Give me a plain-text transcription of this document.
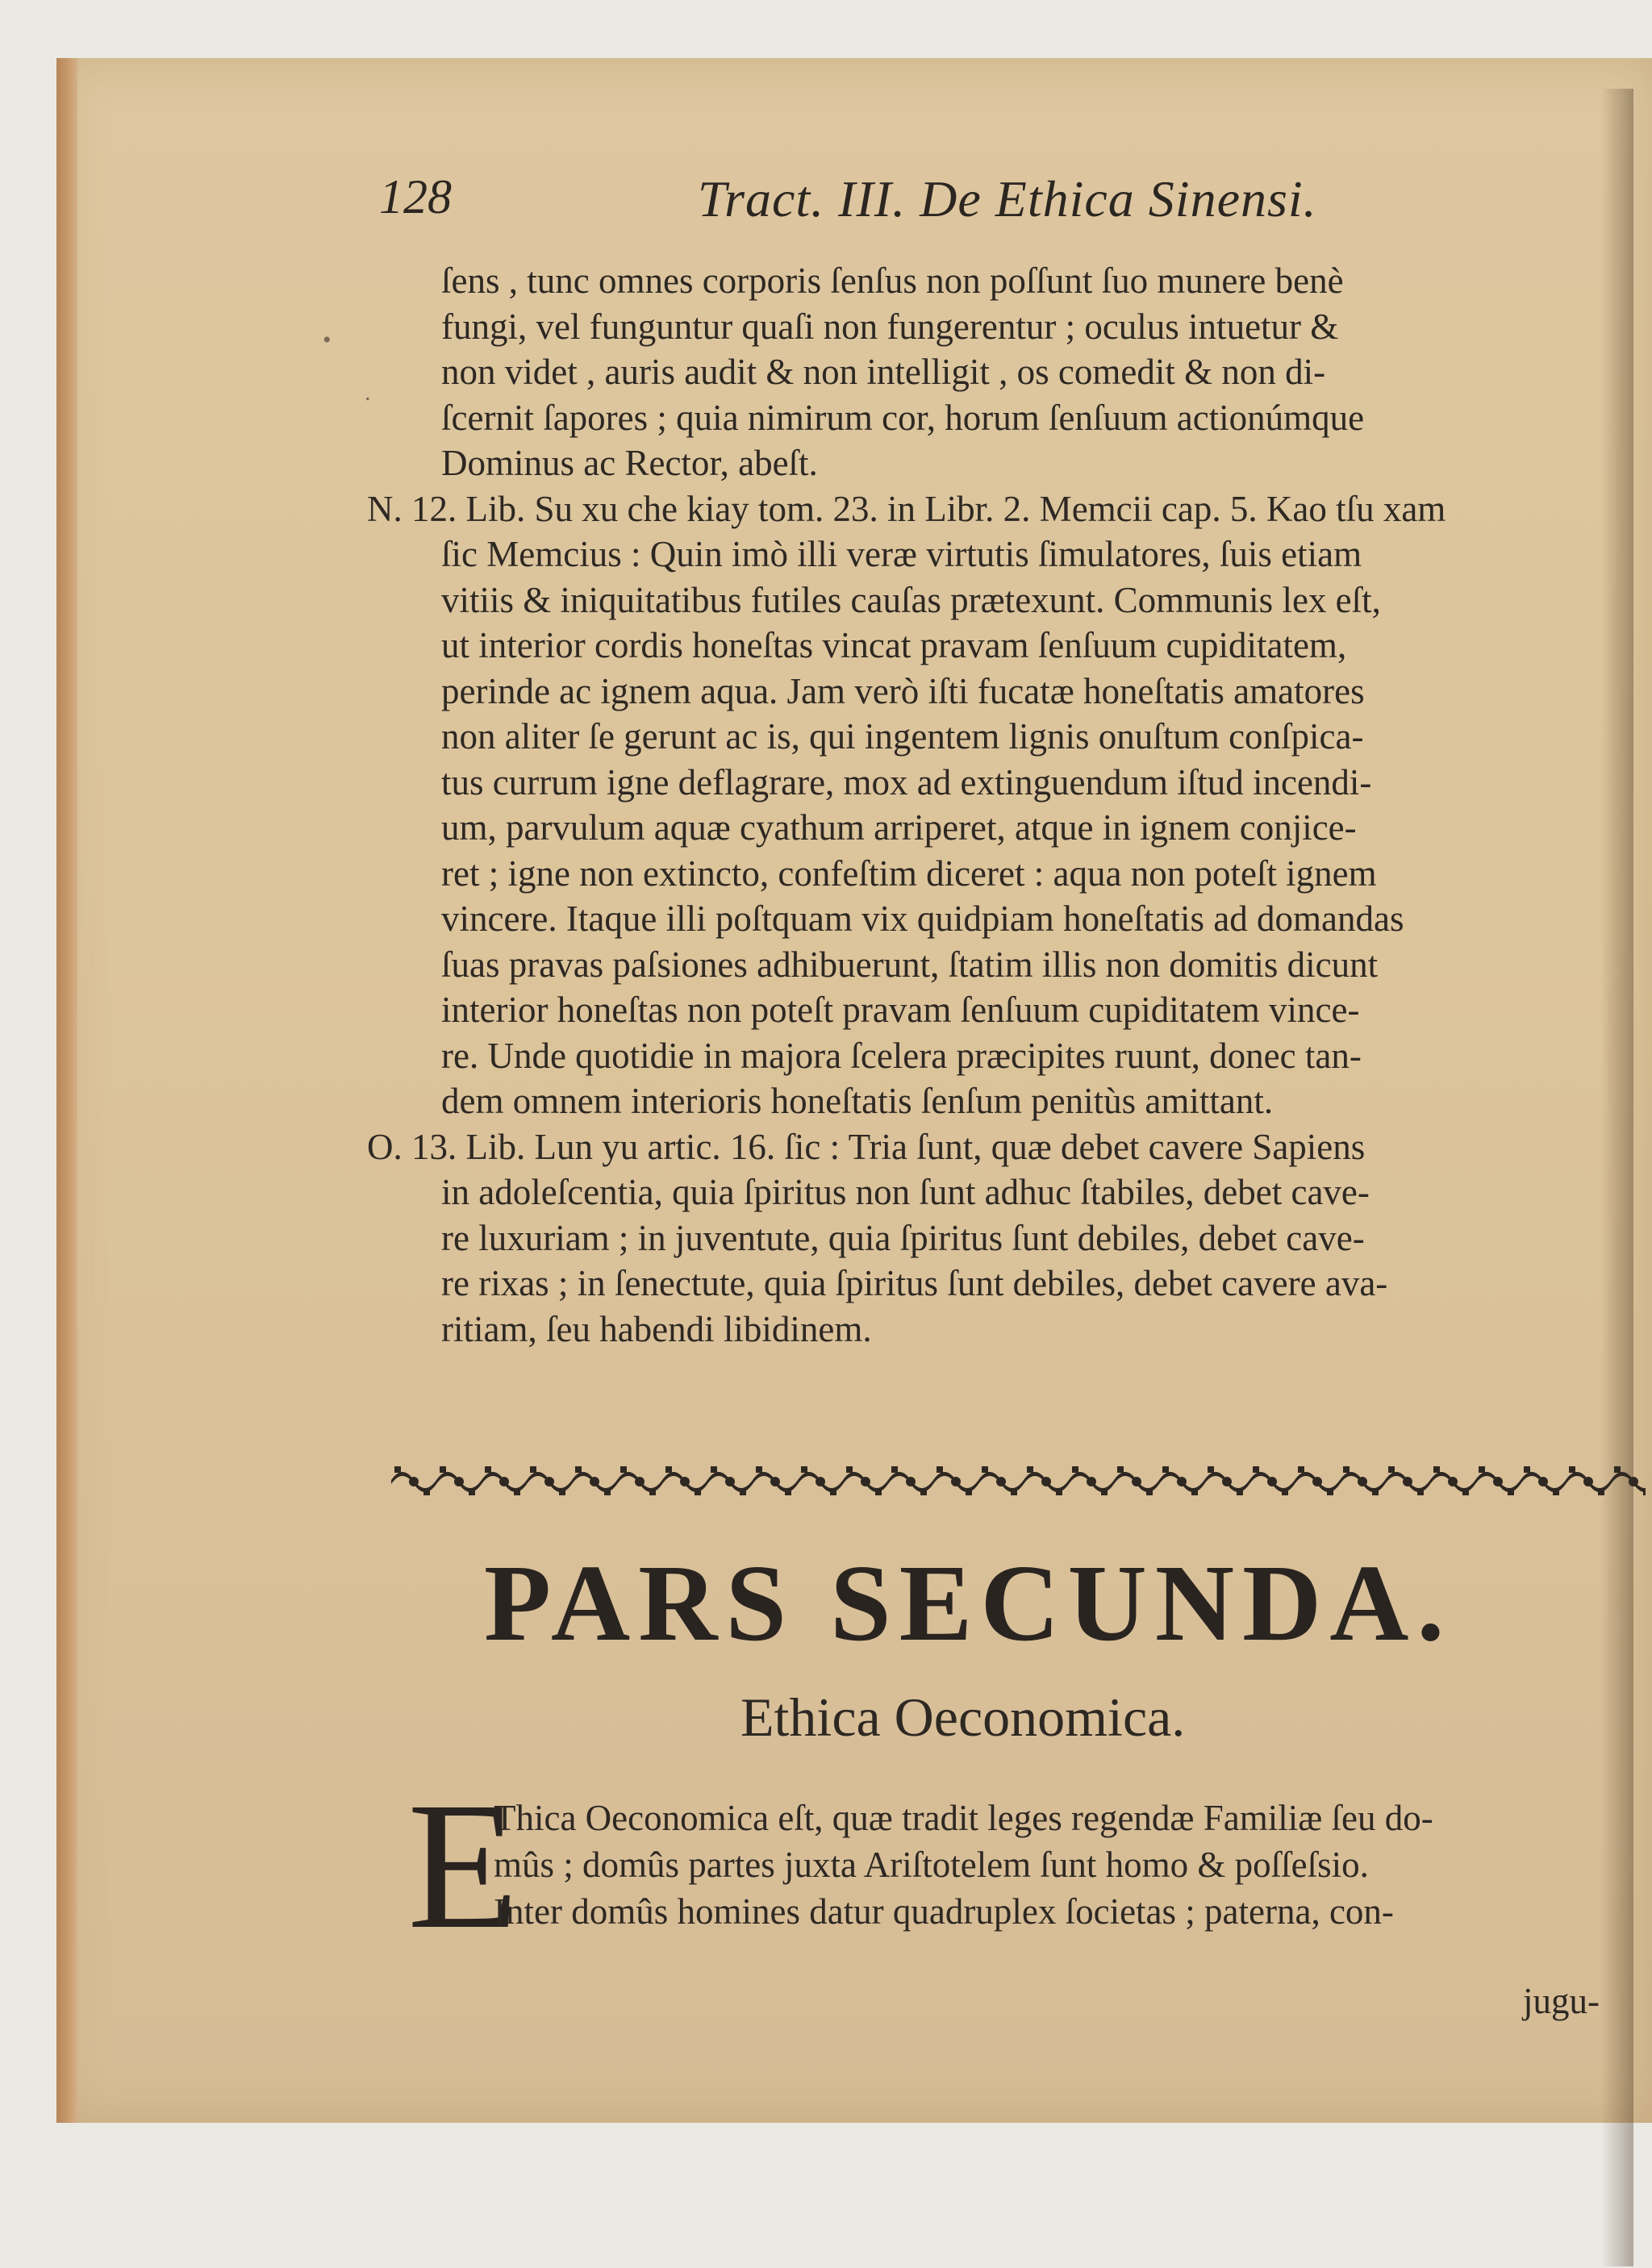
128	Tract. III. De Ethica Sinensi.
ſens , tunc omnes corporis ſenſus non poſſunt ſuo munere benè
fungi, vel funguntur quaſi non fungerentur ; oculus intuetur &
non videt , auris audit & non intelligit , os comedit & non di-
ſcernit ſapores ; quia nimirum cor, horum ſenſuum actionúmque
Dominus ac Rector, abeſt.
N. 12. Lib. Su xu che kiay tom. 23. in Libr. 2. Memcii cap. 5. Kao tſu xam
ſic Memcius : Quin imò illi veræ virtutis ſimulatores, ſuis etiam
vitiis & iniquitatibus futiles cauſas prætexunt. Communis lex eſt,
ut interior cordis honeſtas vincat pravam ſenſuum cupiditatem,
perinde ac ignem aqua. Jam verò iſti fucatæ honeſtatis amatores
non aliter ſe gerunt ac is, qui ingentem lignis onuſtum conſpica-
tus currum igne deflagrare, mox ad extinguendum iſtud incendi-
um, parvulum aquæ cyathum arriperet, atque in ignem conjice-
ret ; igne non extincto, confeſtim diceret : aqua non poteſt ignem
vincere. Itaque illi poſtquam vix quidpiam honeſtatis ad domandas
ſuas pravas paſsiones adhibuerunt, ſtatim illis non domitis dicunt
interior honeſtas non poteſt pravam ſenſuum cupiditatem vince-
re. Unde quotidie in majora ſcelera præcipites ruunt, donec tan-
dem omnem interioris honeſtatis ſenſum penitùs amittant.
O. 13. Lib. Lun yu artic. 16. ſic : Tria ſunt, quæ debet cavere Sapiens
in adoleſcentia, quia ſpiritus non ſunt adhuc ſtabiles, debet cave-
re luxuriam ; in juventute, quia ſpiritus ſunt debiles, debet cave-
re rixas ; in ſenectute, quia ſpiritus ſunt debiles, debet cavere ava-
ritiam, ſeu habendi libidinem.
PARS SECUNDA.
Ethica Oeconomica.
E
Thica Oeconomica eſt, quæ tradit leges regendæ Familiæ ſeu do-
mûs ; domûs partes juxta Ariſtotelem ſunt homo & poſſeſsio.
Inter domûs homines datur quadruplex ſocietas ; paterna, con-
jugu-
•
.
